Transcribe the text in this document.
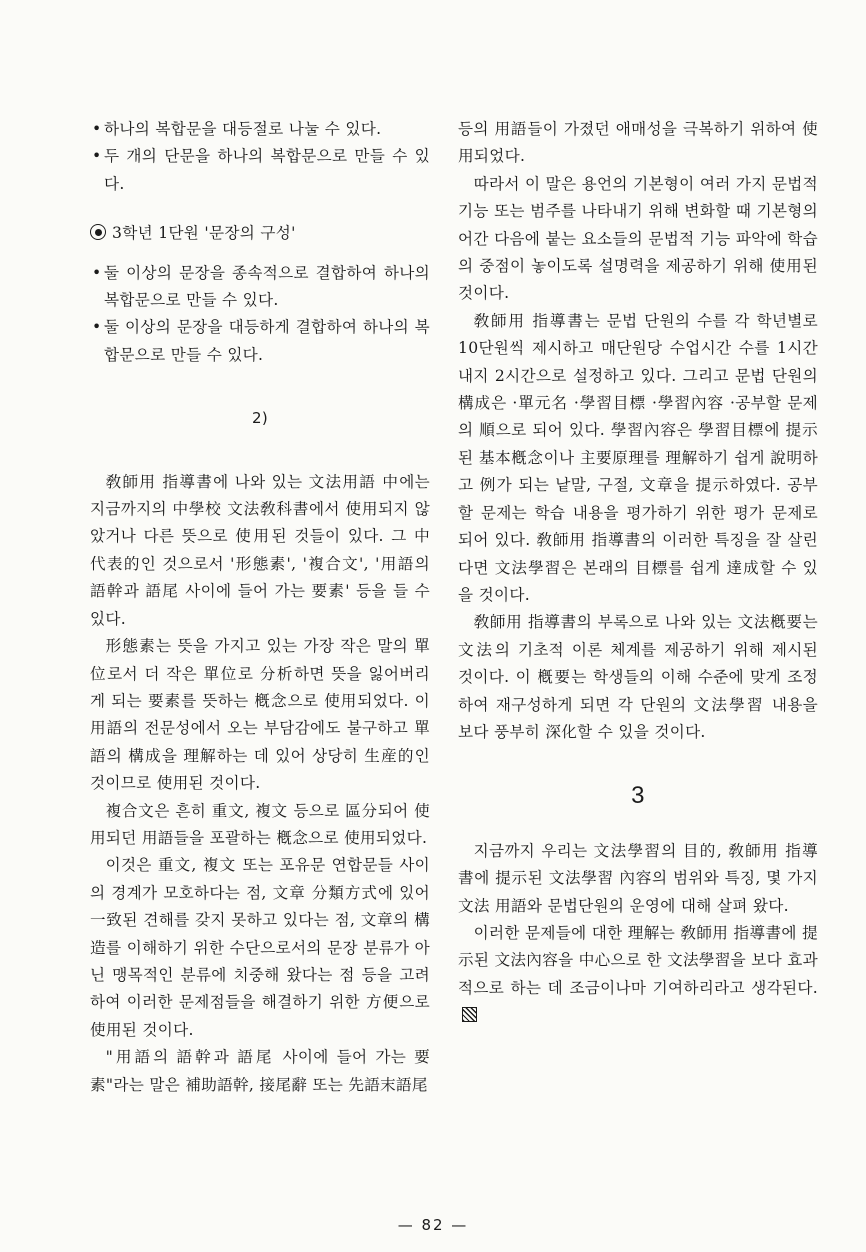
• 하나의 복합문을 대등절로 나눌 수 있다.
• 두 개의 단문을 하나의 복합문으로 만들 수 있다.
3학년 1단원 '문장의 구성'
• 둘 이상의 문장을 종속적으로 결합하여 하나의 복합문으로 만들 수 있다.
• 둘 이상의 문장을 대등하게 결합하여 하나의 복합문으로 만들 수 있다.
2)

敎師用 指導書에 나와 있는 文法用語 中에는 지금까지의 中學校 文法敎科書에서 使用되지 않았거나 다른 뜻으로 使用된 것들이 있다. 그 中 代表的인 것으로서 '形態素', '複合文', '用語의 語幹과 語尾 사이에 들어 가는 要素' 등을 들 수 있다.

形態素는 뜻을 가지고 있는 가장 작은 말의 單位로서 더 작은 單位로 分析하면 뜻을 잃어버리게 되는 要素를 뜻하는 槪念으로 使用되었다. 이 用語의 전문성에서 오는 부담감에도 불구하고 單語의 構成을 理解하는 데 있어 상당히 生産的인 것이므로 使用된 것이다.

複合文은 흔히 重文, 複文 등으로 區分되어 使用되던 用語들을 포괄하는 槪念으로 使用되었다.

이것은 重文, 複文 또는 포유문 연합문들 사이의 경계가 모호하다는 점, 文章 分類方式에 있어 一致된 견해를 갖지 못하고 있다는 점, 文章의 構造를 이해하기 위한 수단으로서의 문장 분류가 아닌 맹목적인 분류에 치중해 왔다는 점 등을 고려하여 이러한 문제점들을 해결하기 위한 方便으로 使用된 것이다.

"用語의 語幹과 語尾 사이에 들어 가는 要素"라는 말은 補助語幹, 接尾辭 또는 先語末語尾

등의 用語들이 가졌던 애매성을 극복하기 위하여 使用되었다.

따라서 이 말은 용언의 기본형이 여러 가지 문법적 기능 또는 범주를 나타내기 위해 변화할 때 기본형의 어간 다음에 붙는 요소들의 문법적 기능 파악에 학습의 중점이 놓이도록 설명력을 제공하기 위해 使用된 것이다.

敎師用 指導書는 문법 단원의 수를 각 학년별로 10단원씩 제시하고 매단원당 수업시간 수를 1시간 내지 2시간으로 설정하고 있다. 그리고 문법 단원의 構成은 ·單元名 ·學習目標 ·學習內容 ·공부할 문제의 順으로 되어 있다. 學習內容은 學習目標에 提示된 基本槪念이나 主要原理를 理解하기 쉽게 說明하고 例가 되는 낱말, 구절, 文章을 提示하였다. 공부할 문제는 학습 내용을 평가하기 위한 평가 문제로 되어 있다. 敎師用 指導書의 이러한 특징을 잘 살린다면 文法學習은 본래의 目標를 쉽게 達成할 수 있을 것이다.

敎師用 指導書의 부록으로 나와 있는 文法槪要는 文法의 기초적 이론 체계를 제공하기 위해 제시된 것이다. 이 槪要는 학생들의 이해 수준에 맞게 조정하여 재구성하게 되면 각 단원의 文法學習 내용을 보다 풍부히 深化할 수 있을 것이다.

3

지금까지 우리는 文法學習의 目的, 敎師用 指導書에 提示된 文法學習 內容의 범위와 특징, 몇 가지 文法 用語와 문법단원의 운영에 대해 살펴 왔다.

이러한 문제들에 대한 理解는 敎師用 指導書에 提示된 文法內容을 中心으로 한 文法學習을 보다 효과적으로 하는 데 조금이나마 기여하리라고 생각된다.

— 82 —
